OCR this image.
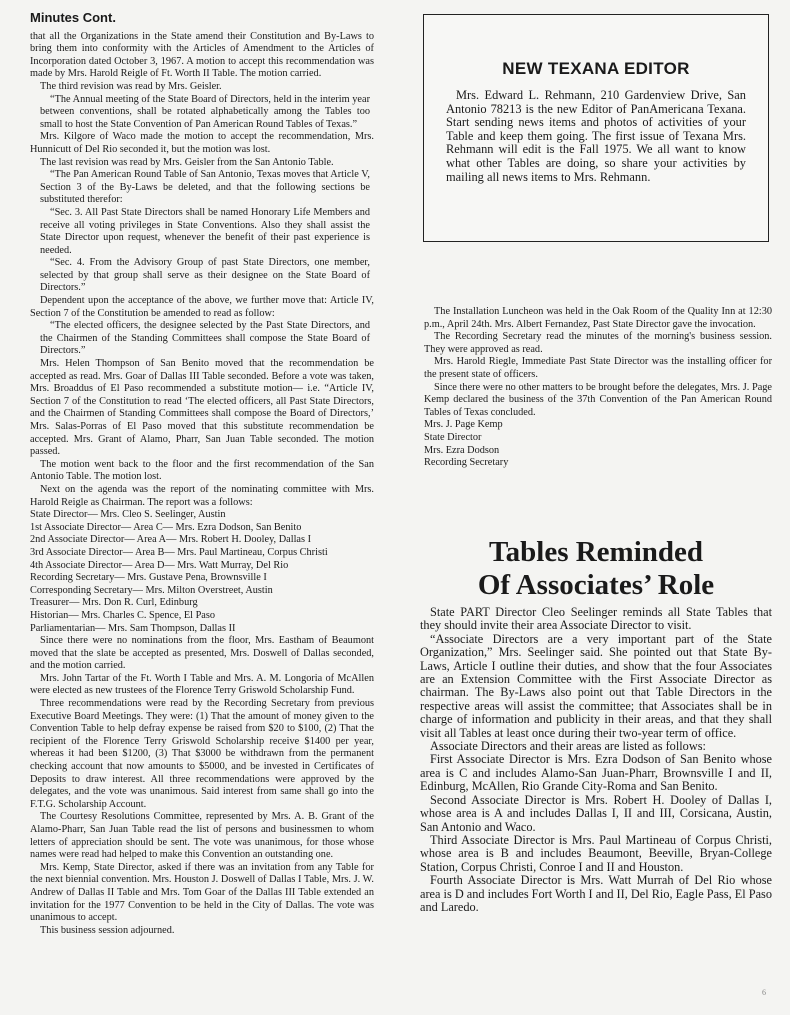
Minutes Cont.

that all the Organizations in the State amend their Constitution and By-Laws to bring them into conformity with the Articles of Amendment to the Articles of Incorporation dated October 3, 1967. A motion to accept this recommendation was made by Mrs. Harold Reigle of Ft. Worth II Table. The motion carried.

The third revision was read by Mrs. Geisler.

“The Annual meeting of the State Board of Directors, held in the interim year between conventions, shall be rotated alphabetically among the Tables too small to host the State Convention of Pan American Round Tables of Texas.”

Mrs. Kilgore of Waco made the motion to accept the recommendation, Mrs. Hunnicutt of Del Rio seconded it, but the motion was lost.

The last revision was read by Mrs. Geisler from the San Antonio Table.

“The Pan American Round Table of San Antonio, Texas moves that Article V, Section 3 of the By-Laws be deleted, and that the following sections be substituted therefor:

“Sec. 3. All Past State Directors shall be named Honorary Life Members and receive all voting privileges in State Conventions. Also they shall assist the State Director upon request, whenever the benefit of their past experience is needed.

“Sec. 4. From the Advisory Group of past State Directors, one member, selected by that group shall serve as their designee on the State Board of Directors.”

Dependent upon the acceptance of the above, we further move that: Article IV, Section 7 of the Constitution be amended to read as follow:

“The elected officers, the designee selected by the Past State Directors, and the Chairmen of the Standing Committees shall compose the State Board of Directors.”

Mrs. Helen Thompson of San Benito moved that the recommendation be accepted as read. Mrs. Goar of Dallas III Table seconded. Before a vote was taken, Mrs. Broaddus of El Paso recommended a substitute motion— i.e. “Article IV, Section 7 of the Constitution to read ‘The elected officers, all Past State Directors, and the Chairmen of Standing Committees shall compose the Board of Directors,’ Mrs. Salas-Porras of El Paso moved that this substitute recommendation be accepted. Mrs. Grant of Alamo, Pharr, San Juan Table seconded. The motion passed.

The motion went back to the floor and the first recommendation of the San Antonio Table. The motion lost.

Next on the agenda was the report of the nominating committee with Mrs. Harold Reigle as Chairman. The report was a follows:

State Director— Mrs. Cleo S. Seelinger, Austin
1st Associate Director— Area C— Mrs. Ezra Dodson, San Benito
2nd Associate Director— Area A— Mrs. Robert H. Dooley, Dallas I
3rd Associate Director— Area B— Mrs. Paul Martineau, Corpus Christi
4th Associate Director— Area D— Mrs. Watt Murray, Del Rio
Recording Secretary— Mrs. Gustave Pena, Brownsville I
Corresponding Secretary— Mrs. Milton Overstreet, Austin
Treasurer— Mrs. Don R. Curl, Edinburg
Historian— Mrs. Charles C. Spence, El Paso
Parliamentarian— Mrs. Sam Thompson, Dallas II

Since there were no nominations from the floor, Mrs. Eastham of Beaumont moved that the slate be accepted as presented, Mrs. Doswell of Dallas seconded, and the motion carried.

Mrs. John Tartar of the Ft. Worth I Table and Mrs. A. M. Longoria of McAllen were elected as new trustees of the Florence Terry Griswold Scholarship Fund.

Three recommendations were read by the Recording Secretary from previous Executive Board Meetings. They were: (1) That the amount of money given to the Convention Table to help defray expense be raised from $20 to $100, (2) That the recipient of the Florence Terry Griswold Scholarship receive $1400 per year, whereas it had been $1200, (3) That $3000 be withdrawn from the permanent checking account that now amounts to $5000, and be invested in Certificates of Deposits to draw interest. All three recommendations were approved by the delegates, and the vote was unanimous. Said interest from same shall go into the F.T.G. Scholarship Account.

The Courtesy Resolutions Committee, represented by Mrs. A. B. Grant of the Alamo-Pharr, San Juan Table read the list of persons and businessmen to whom letters of appreciation should be sent. The vote was unanimous, for those whose names were read had helped to make this Convention an outstanding one.

Mrs. Kemp, State Director, asked if there was an invitation from any Table for the next biennial convention. Mrs. Houston J. Doswell of Dallas I Table, Mrs. J. W. Andrew of Dallas II Table and Mrs. Tom Goar of the Dallas III Table extended an invitation for the 1977 Convention to be held in the City of Dallas. The vote was unanimous to accept.

This business session adjourned.

NEW TEXANA EDITOR

Mrs. Edward L. Rehmann, 210 Gardenview Drive, San Antonio 78213 is the new Editor of PanAmericana Texana. Start sending news items and photos of activities of your Table and keep them going. The first issue of Texana Mrs. Rehmann will edit is the Fall 1975. We all want to know what other Tables are doing, so share your activities by mailing all news items to Mrs. Rehmann.

The Installation Luncheon was held in the Oak Room of the Quality Inn at 12:30 p.m., April 24th. Mrs. Albert Fernandez, Past State Director gave the invocation.

The Recording Secretary read the minutes of the morning's business session. They were approved as read.

Mrs. Harold Riegle, Immediate Past State Director was the installing officer for the present state of officers.

Since there were no other matters to be brought before the delegates, Mrs. J. Page Kemp declared the business of the 37th Convention of the Pan American Round Tables of Texas concluded.

Mrs. J. Page Kemp
State Director

Mrs. Ezra Dodson
Recording Secretary

Tables Reminded
Of Associates’ Role

State PART Director Cleo Seelinger reminds all State Tables that they should invite their area Associate Director to visit.

“Associate Directors are a very important part of the State Organization,” Mrs. Seelinger said. She pointed out that State By-Laws, Article I outline their duties, and show that the four Associates are an Extension Committee with the First Associate Director as chairman. The By-Laws also point out that Table Directors in the respective areas will assist the committee; that Associates shall be in charge of information and publicity in their areas, and that they shall visit all Tables at least once during their two-year term of office.

Associate Directors and their areas are listed as follows:

First Associate Director is Mrs. Ezra Dodson of San Benito whose area is C and includes Alamo-San Juan-Pharr, Brownsville I and II, Edinburg, McAllen, Rio Grande City-Roma and San Benito.

Second Associate Director is Mrs. Robert H. Dooley of Dallas I, whose area is A and includes Dallas I, II and III, Corsicana, Austin, San Antonio and Waco.

Third Associate Director is Mrs. Paul Martineau of Corpus Christi, whose area is B and includes Beaumont, Beeville, Bryan-College Station, Corpus Christi, Conroe I and II and Houston.

Fourth Associate Director is Mrs. Watt Murrah of Del Rio whose area is D and includes Fort Worth I and II, Del Rio, Eagle Pass, El Paso and Laredo.

6
